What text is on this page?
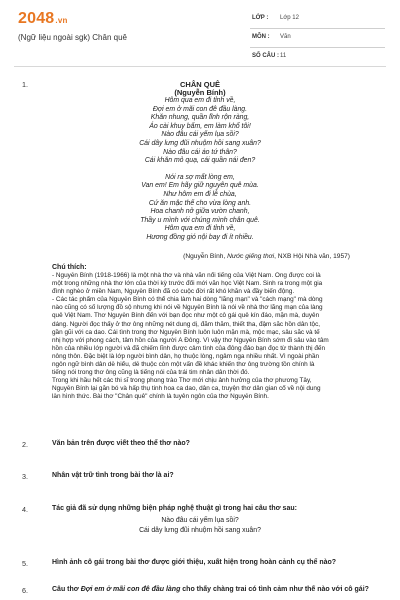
2048.vn
(Ngữ liệu ngoài sgk) Chân quê
LỚP : Lớp 12
MÔN : Văn
SỐ CÂU : 11
1.	CHÂN QUÊ
(Nguyễn Bính)
Hôm qua em đi tỉnh về,
Đợi em ở mãi con đê đầu làng.
Khăn nhung, quần lĩnh rộn ràng,
Áo cài khuy bấm, em làm khổ tôi!
Nào đâu cái yếm lụa sồi?
Cái dây lưng đũi nhuộm hồi sang xuân?
Nào đâu cái áo tứ thân?
Cái khăn mỏ quạ, cái quần nái đen?
Nói ra sợ mất lòng em,
Van em! Em hãy giữ nguyên quê mùa.
Như hôm em đi lễ chùa,
Cứ ăn mặc thế cho vừa lòng anh.
Hoa chanh nở giữa vườn chanh,
Thầy u mình với chúng mình chân quê.
Hôm qua em đi tỉnh về,
Hương đồng gió nội bay đi ít nhiều.
(Nguyễn Bính, Nước giếng thơi, NXB Hội Nhà văn, 1957)
Chú thích:
- Nguyễn Bính (1918-1966) là một nhà thơ và nhà văn nổi tiếng của Việt Nam. Ông được coi là
một trong những nhà thơ lớn của thời kỳ trước đổi mới văn học Việt Nam. Sinh ra trong một gia
đình nghèo ở miền Nam, Nguyễn Bính đã có cuộc đời rất khó khăn và đầy biến động.
- Các tác phẩm của Nguyễn Bính có thể chia làm hai dòng "lãng mạn" và "cách mạng" mà dòng
nào cũng có số lượng đồ sộ nhưng khi nói về Nguyễn Bính là nói về nhà thơ lãng mạn của làng
quê Việt Nam. Thơ Nguyễn Bính đến với bạn đọc như một cô gái quê kín đáo, mặn mà, duyên
dáng. Người đọc thấy ở thơ ông những nét dung dị, đằm thắm, thiết tha, đậm sắc hồn dân tộc,
gần gũi với ca dao. Cái tình trong thơ Nguyễn Bính luôn luôn mặn mà, mộc mạc, sâu sắc và tế
nhị hợp với phong cách, tâm hồn của người Á Đông. Vì vậy thơ Nguyễn Bính sớm đi sâu vào tâm
hồn của nhiều lớp người và đã chiếm lĩnh được cảm tình của đông đảo bạn đọc từ thành thị đến
nông thôn. Đặc biệt là lớp người bình dân, họ thuộc lòng, ngâm nga nhiều nhất. Vì ngoài phần
ngôn ngữ bình dân dễ hiểu, dễ thuộc còn một vấn đề khác khiến thơ ông trường tồn chính là
tiếng nói trong thơ ông cũng là tiếng nói của trái tim nhân dân thời đó.
Trong khi hầu hết các thi sĩ trong phong trào Thơ mới chịu ảnh hưởng của thơ phương Tây,
Nguyễn Bính lại gắn bó và hấp thụ tinh hoa ca dao, dân ca, truyện thơ dân gian cổ về nội dung
lẫn hình thức. Bài thơ "Chân quê" chính là tuyên ngôn của thơ Nguyễn Bính.
2.	Văn bản trên được viết theo thể thơ nào?
3.	Nhân vật trữ tình trong bài thơ là ai?
4.	Tác giả đã sử dụng những biện pháp nghệ thuật gì trong hai câu thơ sau:
Nào đâu cái yếm lụa sồi?
Cái dây lưng đũi nhuộm hồi sang xuân?
5.	Hình ảnh cô gái trong bài thơ được giới thiệu, xuất hiện trong hoàn cảnh cụ thể nào?
6.	Câu thơ Đợi em ở mãi con đê đầu làng cho thấy chàng trai có tình cảm như thế nào với cô gái?
